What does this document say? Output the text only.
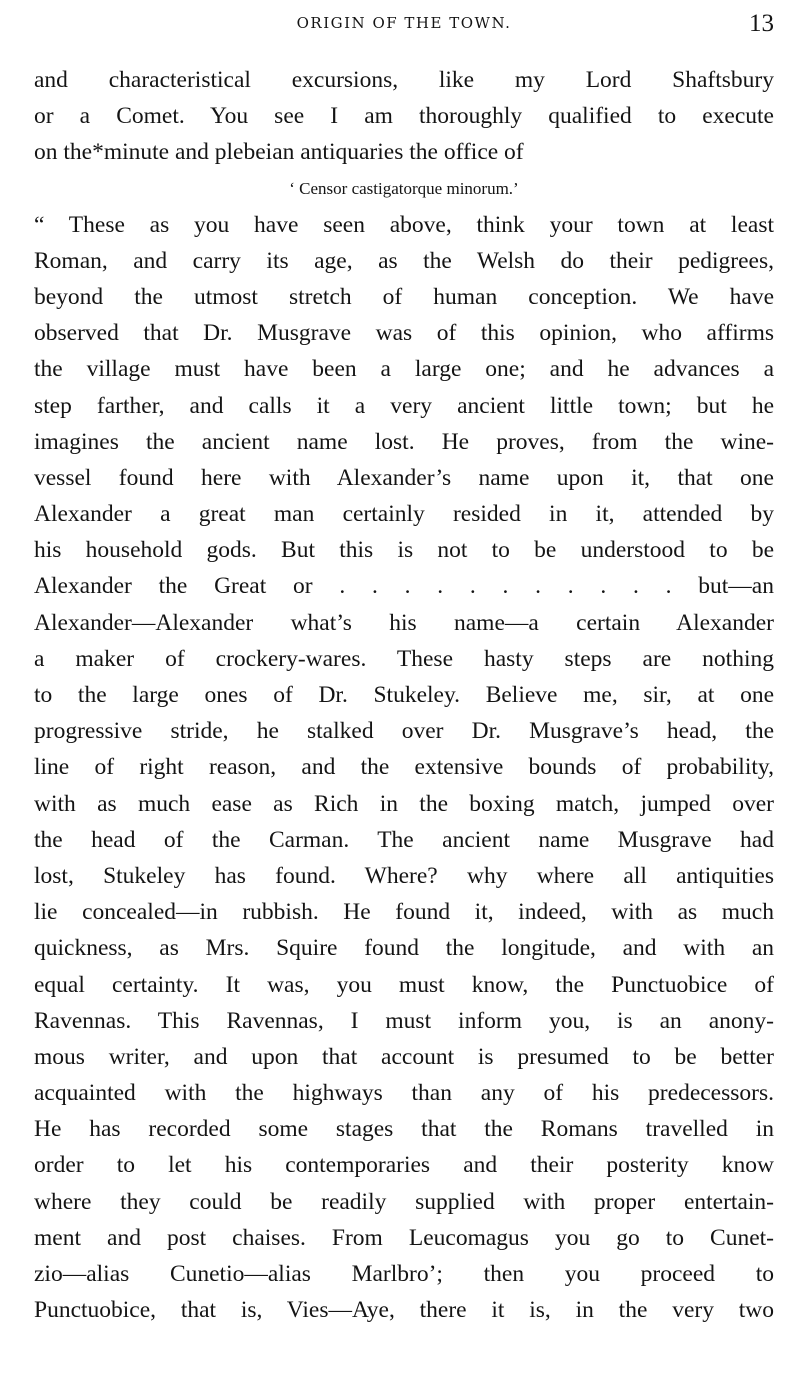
ORIGIN OF THE TOWN.	13
and characteristical excursions, like my Lord Shaftsbury
or a Comet. You see I am thoroughly qualified to execute
on the*minute and plebeian antiquaries the office of
‘ Censor castigatorque minorum.’
“ These as you have seen above, think your town at least
Roman, and carry its age, as the Welsh do their pedigrees,
beyond the utmost stretch of human conception. We have
observed that Dr. Musgrave was of this opinion, who affirms
the village must have been a large one; and he advances a
step farther, and calls it a very ancient little town; but he
imagines the ancient name lost. He proves, from the wine-
vessel found here with Alexander’s name upon it, that one
Alexander a great man certainly resided in it, attended by
his household gods. But this is not to be understood to be
Alexander the Great or . . . . . . . . . . . but—an
Alexander—Alexander what’s his name—a certain Alexander
a maker of crockery-wares. These hasty steps are nothing
to the large ones of Dr. Stukeley. Believe me, sir, at one
progressive stride, he stalked over Dr. Musgrave’s head, the
line of right reason, and the extensive bounds of probability,
with as much ease as Rich in the boxing match, jumped over
the head of the Carman. The ancient name Musgrave had
lost, Stukeley has found. Where? why where all antiquities
lie concealed—in rubbish. He found it, indeed, with as much
quickness, as Mrs. Squire found the longitude, and with an
equal certainty. It was, you must know, the Punctuobice of
Ravennas. This Ravennas, I must inform you, is an anony-
mous writer, and upon that account is presumed to be better
acquainted with the highways than any of his predecessors.
He has recorded some stages that the Romans travelled in
order to let his contemporaries and their posterity know
where they could be readily supplied with proper entertain-
ment and post chaises. From Leucomagus you go to Cunet-
zio—alias Cunetio—alias Marlbro’; then you proceed to
Punctuobice, that is, Vies—Aye, there it is, in the very two
